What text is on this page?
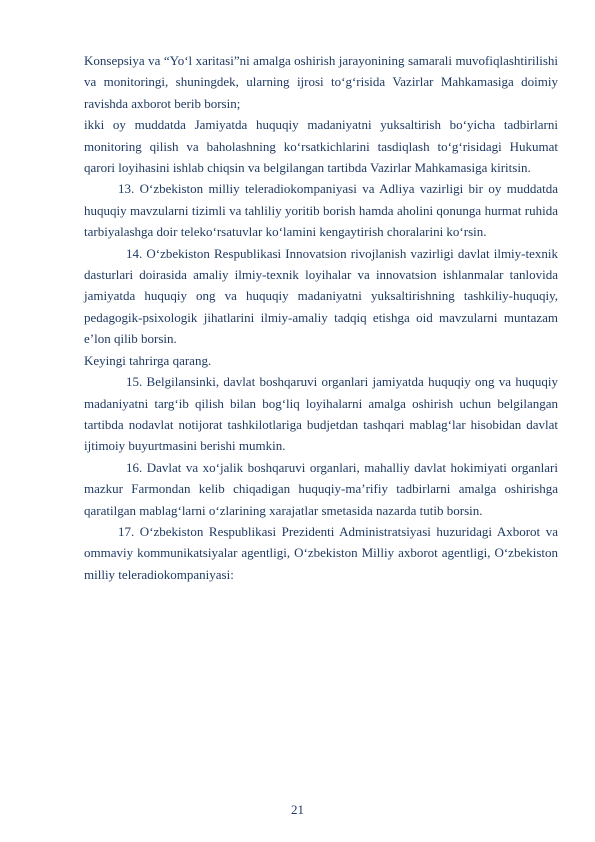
Konsepsiya va “Yo‘l xaritasi”ni amalga oshirish jarayonining samarali muvofiqlashtirilishi va monitoringi, shuningdek, ularning ijrosi to‘g‘risida Vazirlar Mahkamasiga doimiy ravishda axborot berib borsin;

ikki oy muddatda Jamiyatda huquqiy madaniyatni yuksaltirish bo‘yicha tadbirlarni monitoring qilish va baholashning ko‘rsatkichlarini tasdiqlash to‘g‘risidagi Hukumat qarori loyihasini ishlab chiqsin va belgilangan tartibda Vazirlar Mahkamasiga kiritsin.

13. O‘zbekiston milliy teleradiokompaniyasi va Adliya vazirligi bir oy muddatda huquqiy mavzularni tizimli va tahliliy yoritib borish hamda aholini qonunga hurmat ruhida tarbiyalashga doir teleko‘rsatuvlar ko‘lamini kengaytirish choralarini ko‘rsin.

14. O‘zbekiston Respublikasi Innovatsion rivojlanish vazirligi davlat ilmiy-texnik dasturlari doirasida amaliy ilmiy-texnik loyihalar va innovatsion ishlanmalar tanlovida jamiyatda huquqiy ong va huquqiy madaniyatni yuksaltirishning tashkiliy-huquqiy, pedagogik-psixologik jihatlarini ilmiy-amaliy tadqiq etishga oid mavzularni muntazam e’lon qilib borsin.

Keyingi tahrirga qarang.

15. Belgilansinki, davlat boshqaruvi organlari jamiyatda huquqiy ong va huquqiy madaniyatni targ‘ib qilish bilan bog‘liq loyihalarni amalga oshirish uchun belgilangan tartibda nodavlat notijorat tashkilotlariga budjetdan tashqari mablag‘lar hisobidan davlat ijtimoiy buyurtmasini berishi mumkin.

16. Davlat va xo‘jalik boshqaruvi organlari, mahalliy davlat hokimiyati organlari mazkur Farmondan kelib chiqadigan huquqiy-ma’rifiy tadbirlarni amalga oshirishga qaratilgan mablag‘larni o‘zlarining xarajatlar smetasida nazarda tutib borsin.

17. O‘zbekiston Respublikasi Prezidenti Administratsiyasi huzuridagi Axborot va ommaviy kommunikatsiyalar agentligi, O‘zbekiston Milliy axborot agentligi, O‘zbekiston milliy teleradiokompaniyasi:

21
